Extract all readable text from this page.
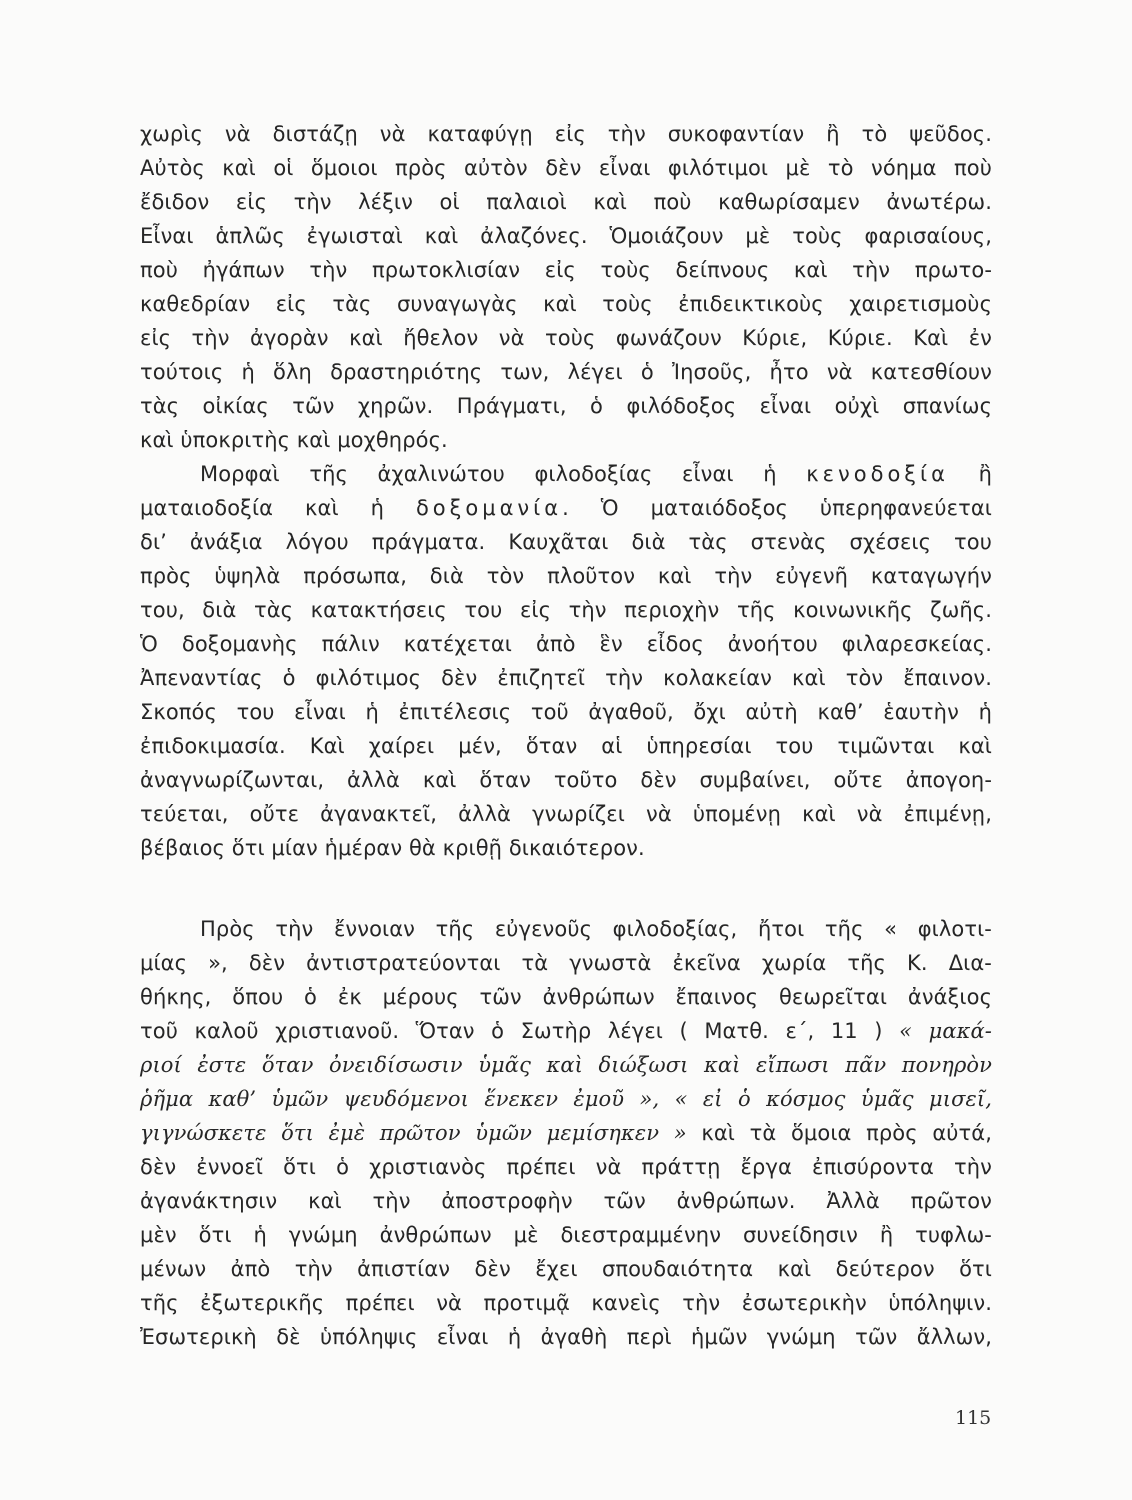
χωρὶς νὰ διστάζῃ νὰ καταφύγῃ εἰς τὴν συκοφαντίαν ἢ τὸ ψεῦδος.
Αὐτὸς καὶ οἱ ὅμοιοι πρὸς αὐτὸν δὲν εἶναι φιλότιμοι μὲ τὸ νόημα ποὺ
ἔδιδον εἰς τὴν λέξιν οἱ παλαιοὶ καὶ ποὺ καθωρίσαμεν ἀνωτέρω.
Εἶναι ἁπλῶς ἐγωισταὶ καὶ ἀλαζόνες. Ὁμοιάζουν μὲ τοὺς φαρισαίους,
ποὺ ἠγάπων τὴν πρωτοκλισίαν εἰς τοὺς δείπνους καὶ τὴν πρωτο-
καθεδρίαν εἰς τὰς συναγωγὰς καὶ τοὺς ἐπιδεικτικοὺς χαιρετισμοὺς
εἰς τὴν ἀγορὰν καὶ ἤθελον νὰ τοὺς φωνάζουν Κύριε, Κύριε. Καὶ ἐν
τούτοις ἡ ὅλη δραστηριότης των, λέγει ὁ Ἰησοῦς, ἦτο νὰ κατεσθίουν
τὰς οἰκίας τῶν χηρῶν. Πράγματι, ὁ φιλόδοξος εἶναι οὐχὶ σπανίως
καὶ ὑποκριτὴς καὶ μοχθηρός.
Μορφαὶ τῆς ἀχαλινώτου φιλοδοξίας εἶναι ἡ κενοδοξία ἢ
ματαιοδοξία καὶ ἡ δοξομανία. Ὁ ματαιόδοξος ὑπερηφανεύεται
δι’ ἀνάξια λόγου πράγματα. Καυχᾶται διὰ τὰς στενὰς σχέσεις του
πρὸς ὑψηλὰ πρόσωπα, διὰ τὸν πλοῦτον καὶ τὴν εὐγενῆ καταγωγήν
του, διὰ τὰς κατακτήσεις του εἰς τὴν περιοχὴν τῆς κοινωνικῆς ζωῆς.
Ὁ δοξομανὴς πάλιν κατέχεται ἀπὸ ἓν εἶδος ἀνοήτου φιλαρεσκείας.
Ἀπεναντίας ὁ φιλότιμος δὲν ἐπιζητεῖ τὴν κολακείαν καὶ τὸν ἔπαινον.
Σκοπός του εἶναι ἡ ἐπιτέλεσις τοῦ ἀγαθοῦ, ὄχι αὐτὴ καθ’ ἑαυτὴν ἡ
ἐπιδοκιμασία. Καὶ χαίρει μέν, ὅταν αἱ ὑπηρεσίαι του τιμῶνται καὶ
ἀναγνωρίζωνται, ἀλλὰ καὶ ὅταν τοῦτο δὲν συμβαίνει, οὔτε ἀπογοη-
τεύεται, οὔτε ἀγανακτεῖ, ἀλλὰ γνωρίζει νὰ ὑπομένῃ καὶ νὰ ἐπιμένῃ,
βέβαιος ὅτι μίαν ἡμέραν θὰ κριθῇ δικαιότερον.
Πρὸς τὴν ἔννοιαν τῆς εὐγενοῦς φιλοδοξίας, ἤτοι τῆς « φιλοτι-
μίας », δὲν ἀντιστρατεύονται τὰ γνωστὰ ἐκεῖνα χωρία τῆς Κ. Δια-
θήκης, ὅπου ὁ ἐκ μέρους τῶν ἀνθρώπων ἔπαινος θεωρεῖται ἀνάξιος
τοῦ καλοῦ χριστιανοῦ. Ὅταν ὁ Σωτὴρ λέγει ( Ματθ. ε΄, 11 ) « μακά-
ριοί ἐστε ὅταν ὀνειδίσωσιν ὑμᾶς καὶ διώξωσι καὶ εἴπωσι πᾶν πονηρὸν
ῥῆμα καθ’ ὑμῶν ψευδόμενοι ἕνεκεν ἐμοῦ », « εἰ ὁ κόσμος ὑμᾶς μισεῖ,
γιγνώσκετε ὅτι ἐμὲ πρῶτον ὑμῶν μεμίσηκεν » καὶ τὰ ὅμοια πρὸς αὐτά,
δὲν ἐννοεῖ ὅτι ὁ χριστιανὸς πρέπει νὰ πράττῃ ἔργα ἐπισύροντα τὴν
ἀγανάκτησιν καὶ τὴν ἀποστροφὴν τῶν ἀνθρώπων. Ἀλλὰ πρῶτον
μὲν ὅτι ἡ γνώμη ἀνθρώπων μὲ διεστραμμένην συνείδησιν ἢ τυφλω-
μένων ἀπὸ τὴν ἀπιστίαν δὲν ἔχει σπουδαιότητα καὶ δεύτερον ὅτι
τῆς ἐξωτερικῆς πρέπει νὰ προτιμᾷ κανεὶς τὴν ἐσωτερικὴν ὑπόληψιν.
Ἐσωτερικὴ δὲ ὑπόληψις εἶναι ἡ ἀγαθὴ περὶ ἡμῶν γνώμη τῶν ἄλλων,
115
